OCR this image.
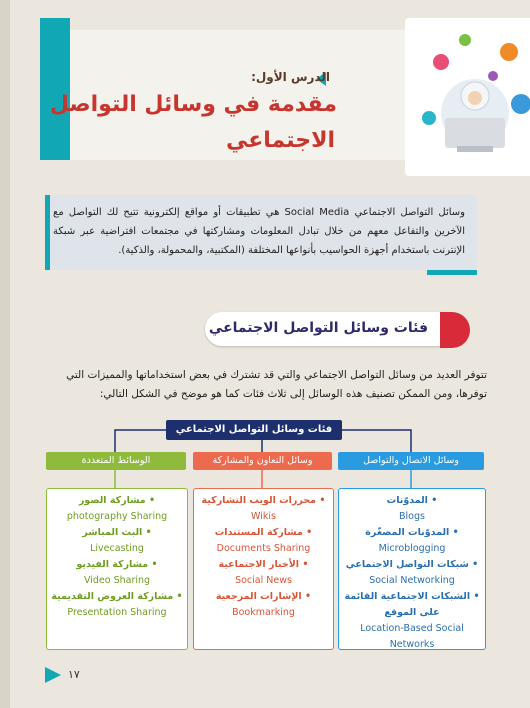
الدرس الأول:
مقدمة في وسائل التواصل
الاجتماعي
وسائل التواصل الاجتماعي Social Media هي تطبيقات أو مواقع إلكترونية تتيح لك التواصل مع الآخرين والتفاعل معهم من خلال تبادل المعلومات ومشاركتها في مجتمعات افتراضية عبر شبكة الإنترنت باستخدام أجهزة الحواسيب بأنواعها المختلفة (المكتبية، والمحمولة، والذكية).
فئات وسائل التواصل الاجتماعي
تتوفر العديد من وسائل التواصل الاجتماعي والتي قد تشترك في بعض استخداماتها والمميزات التي توفرها، ومن الممكن تصنيف هذه الوسائل إلى ثلاث فئات كما هو موضح في الشكل التالي:
فئات وسائل التواصل الاجتماعي
وسائل الاتصال والتواصل
وسائل التعاون والمشاركة
الوسائط المتعددة
• المدوّنات
Blogs
• المدوّنات المصغّرة
Microblogging
• شبكات التواصل الاجتماعي
Social Networking
• الشبكات الاجتماعية القائمة على الموقع
Location-Based Social Networks
• محررات الويب التشاركية
Wikis
• مشاركة المستندات
Documents Sharing
• الأخبار الاجتماعية
Social News
• الإشارات المرجعية
Bookmarking
• مشاركة الصور
photography Sharing
• البث المباشر
Livecasting
• مشاركة الفيديو
Video Sharing
• مشاركة العروض التقديمية
Presentation Sharing
١٧
